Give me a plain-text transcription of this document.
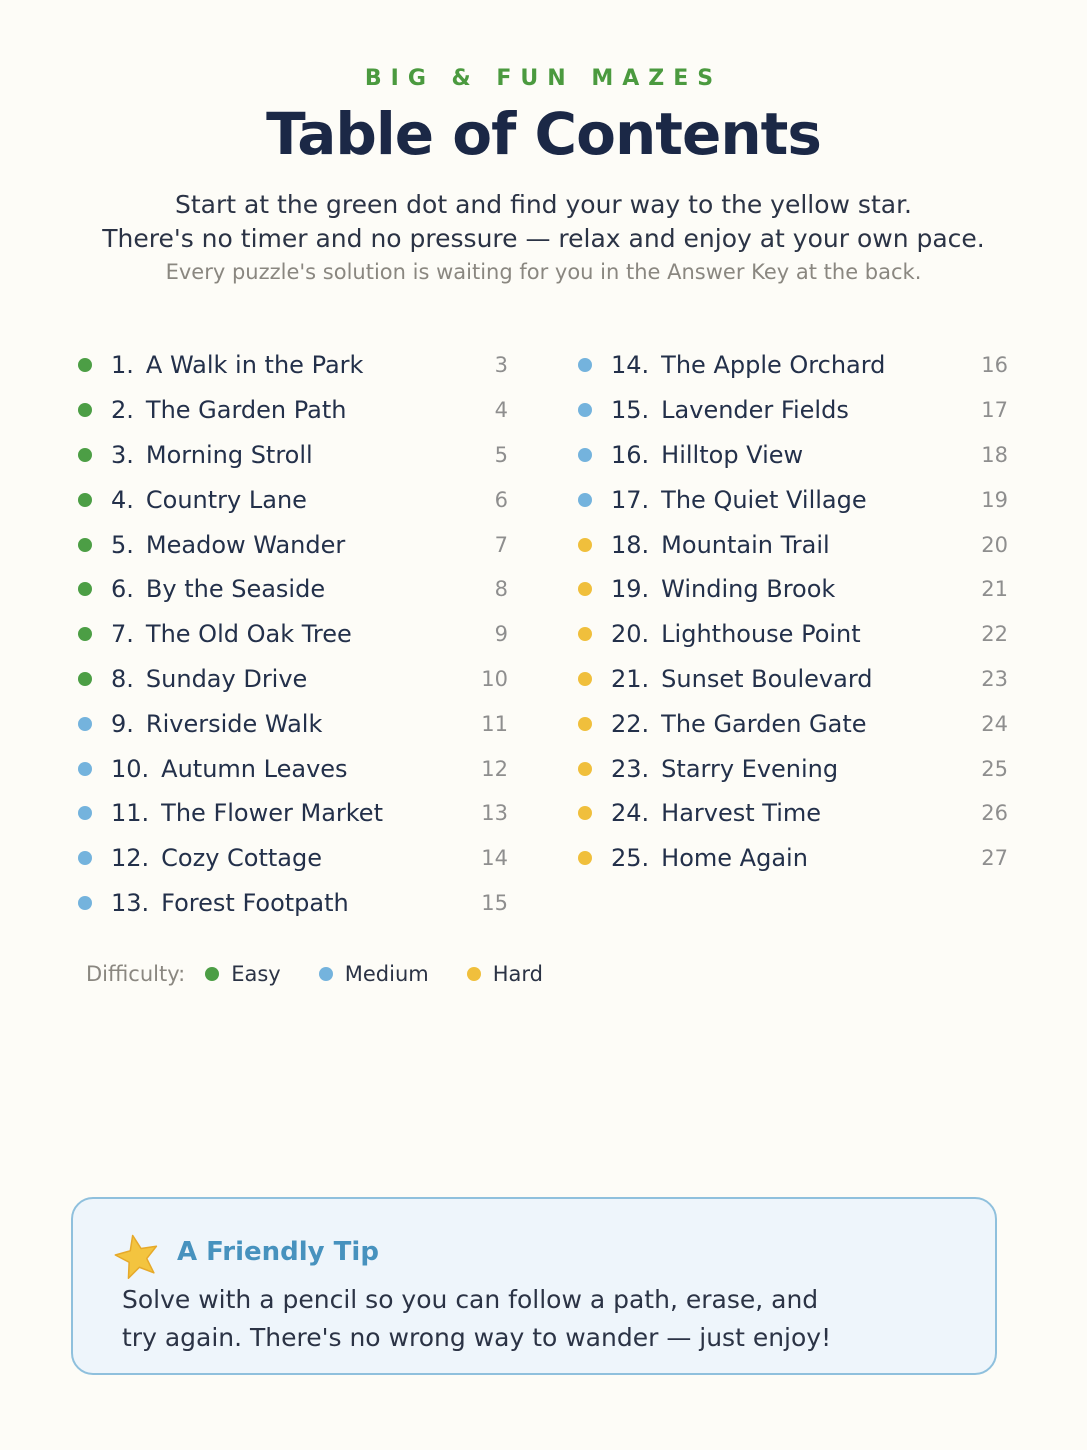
BIG & FUN MAZES
Table of Contents
Start at the green dot and find your way to the yellow star.
There's no timer and no pressure — relax and enjoy at your own pace.
Every puzzle's solution is waiting for you in the Answer Key at the back.
1. A Walk in the Park	3
2. The Garden Path	4
3. Morning Stroll	5
4. Country Lane	6
5. Meadow Wander	7
6. By the Seaside	8
7. The Old Oak Tree	9
8. Sunday Drive	10
9. Riverside Walk	11
10. Autumn Leaves	12
11. The Flower Market	13
12. Cozy Cottage	14
13. Forest Footpath	15
14. The Apple Orchard	16
15. Lavender Fields	17
16. Hilltop View	18
17. The Quiet Village	19
18. Mountain Trail	20
19. Winding Brook	21
20. Lighthouse Point	22
21. Sunset Boulevard	23
22. The Garden Gate	24
23. Starry Evening	25
24. Harvest Time	26
25. Home Again	27
Difficulty: Easy	Medium	Hard
A Friendly Tip
Solve with a pencil so you can follow a path, erase, and
try again. There's no wrong way to wander — just enjoy!
